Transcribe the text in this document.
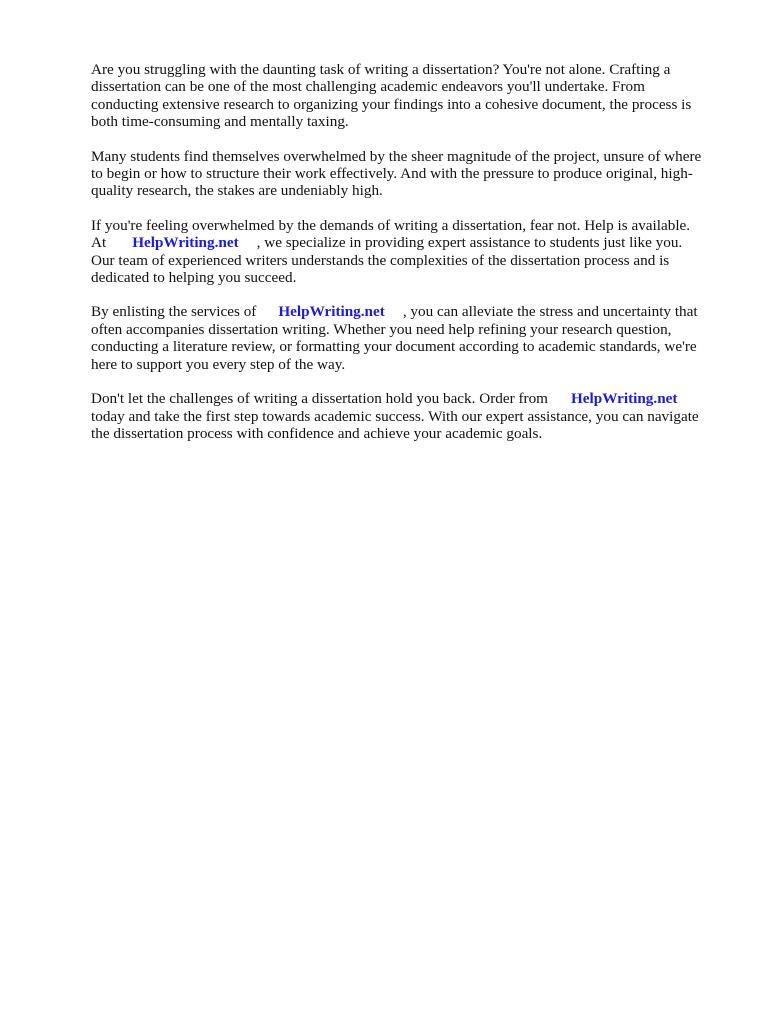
Are you struggling with the daunting task of writing a dissertation? You're not alone. Crafting a
dissertation can be one of the most challenging academic endeavors you'll undertake. From
conducting extensive research to organizing your findings into a cohesive document, the process is
both time-consuming and mentally taxing.
Many students find themselves overwhelmed by the sheer magnitude of the project, unsure of where
to begin or how to structure their work effectively. And with the pressure to produce original, high-
quality research, the stakes are undeniably high.
If you're feeling overwhelmed by the demands of writing a dissertation, fear not. Help is available.
At HelpWriting.net , we specialize in providing expert assistance to students just like you.
Our team of experienced writers understands the complexities of the dissertation process and is
dedicated to helping you succeed.
By enlisting the services of HelpWriting.net , you can alleviate the stress and uncertainty that
often accompanies dissertation writing. Whether you need help refining your research question,
conducting a literature review, or formatting your document according to academic standards, we're
here to support you every step of the way.
Don't let the challenges of writing a dissertation hold you back. Order from HelpWriting.net
today and take the first step towards academic success. With our expert assistance, you can navigate
the dissertation process with confidence and achieve your academic goals.
